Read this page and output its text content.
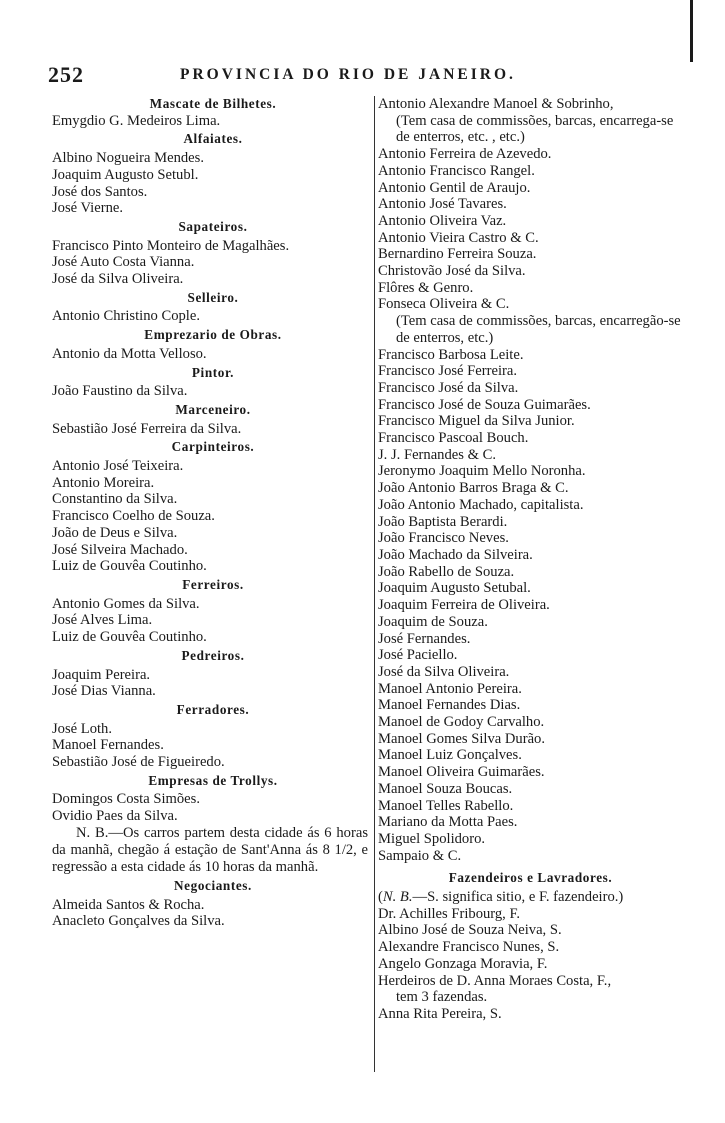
252	PROVINCIA DO RIO DE JANEIRO.
Mascate de Bilhetes.
Emygdio G. Medeiros Lima.
Alfaiates.
Albino Nogueira Mendes.
Joaquim Augusto Setubl.
José dos Santos.
José Vierne.
Sapateiros.
Francisco Pinto Monteiro de Magalhães.
José Auto Costa Vianna.
José da Silva Oliveira.
Selleiro.
Antonio Christino Cople.
Emprezario de Obras.
Antonio da Motta Velloso.
Pintor.
João Faustino da Silva.
Marceneiro.
Sebastião José Ferreira da Silva.
Carpinteiros.
Antonio José Teixeira.
Antonio Moreira.
Constantino da Silva.
Francisco Coelho de Souza.
João de Deus e Silva.
José Silveira Machado.
Luiz de Gouvêa Coutinho.
Ferreiros.
Antonio Gomes da Silva.
José Alves Lima.
Luiz de Gouvêa Coutinho.
Pedreiros.
Joaquim Pereira.
José Dias Vianna.
Ferradores.
José Loth.
Manoel Fernandes.
Sebastião José de Figueiredo.
Empresas de Trollys.
Domingos Costa Simões.
Ovidio Paes da Silva.
N. B.—Os carros partem desta cidade ás 6 horas da manhã, chegão á estação de Sant'Anna ás 8 1/2, e regressão a esta cidade ás 10 horas da manhã.
Negociantes.
Almeida Santos & Rocha.
Anacleto Gonçalves da Silva.
Antonio Alexandre Manoel & Sobrinho,
(Tem casa de commissões, barcas, encarrega-se de enterros, etc. , etc.)
Antonio Ferreira de Azevedo.
Antonio Francisco Rangel.
Antonio Gentil de Araujo.
Antonio José Tavares.
Antonio Oliveira Vaz.
Antonio Vieira Castro & C.
Bernardino Ferreira Souza.
Christovão José da Silva.
Flôres & Genro.
Fonseca Oliveira & C.
(Tem casa de commissões, barcas, encarregão-se de enterros, etc.)
Francisco Barbosa Leite.
Francisco José Ferreira.
Francisco José da Silva.
Francisco José de Souza Guimarães.
Francisco Miguel da Silva Junior.
Francisco Pascoal Bouch.
J. J. Fernandes & C.
Jeronymo Joaquim Mello Noronha.
João Antonio Barros Braga & C.
João Antonio Machado, capitalista.
João Baptista Berardi.
João Francisco Neves.
João Machado da Silveira.
João Rabello de Souza.
Joaquim Augusto Setubal.
Joaquim Ferreira de Oliveira.
Joaquim de Souza.
José Fernandes.
José Paciello.
José da Silva Oliveira.
Manoel Antonio Pereira.
Manoel Fernandes Dias.
Manoel de Godoy Carvalho.
Manoel Gomes Silva Durão.
Manoel Luiz Gonçalves.
Manoel Oliveira Guimarães.
Manoel Souza Boucas.
Manoel Telles Rabello.
Mariano da Motta Paes.
Miguel Spolidoro.
Sampaio & C.
Fazendeiros e Lavradores.
(N. B.—S. significa sitio, e F. fazendeiro.)
Dr. Achilles Fribourg, F.
Albino José de Souza Neiva, S.
Alexandre Francisco Nunes, S.
Angelo Gonzaga Moravia, F.
Herdeiros de D. Anna Moraes Costa, F.,
tem 3 fazendas.
Anna Rita Pereira, S.
